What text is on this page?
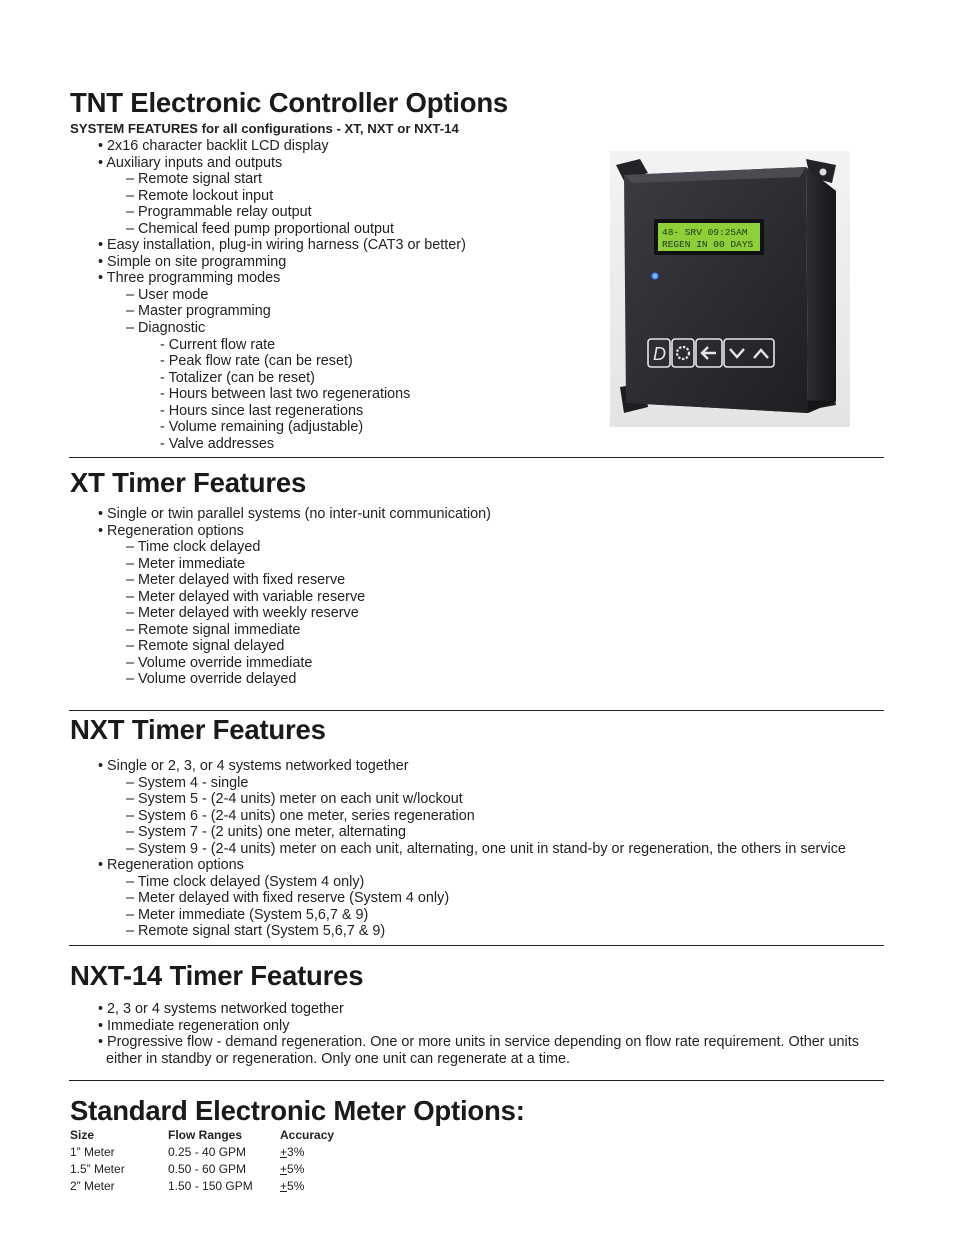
TNT Electronic Controller Options

SYSTEM FEATURES for all configurations - XT, NXT or NXT-14

• 2x16 character backlit LCD display
• Auxiliary inputs and outputs
– Remote signal start
– Remote lockout input
– Programmable relay output
– Chemical feed pump proportional output
• Easy installation, plug-in wiring harness (CAT3 or better)
• Simple on site programming
• Three programming modes
– User mode
– Master programming
– Diagnostic
- Current flow rate
- Peak flow rate (can be reset)
- Totalizer (can be reset)
- Hours between last two regenerations
- Hours since last regenerations
- Volume remaining (adjustable)
- Valve addresses
48- SRV 09:25AM
REGEN IN 00 DAYS
D
XT Timer Features
• Single or twin parallel systems (no inter-unit communication)
• Regeneration options
– Time clock delayed
– Meter immediate
– Meter delayed with fixed reserve
– Meter delayed with variable reserve
– Meter delayed with weekly reserve
– Remote signal immediate
– Remote signal delayed
– Volume override immediate
– Volume override delayed
NXT Timer Features
• Single or 2, 3, or 4 systems networked together
– System 4 - single
– System 5 - (2-4 units) meter on each unit w/lockout
– System 6 - (2-4 units) one meter, series regeneration
– System 7 - (2 units) one meter, alternating
– System 9 - (2-4 units) meter on each unit, alternating, one unit in stand-by or regeneration, the others in service
• Regeneration options
– Time clock delayed (System 4 only)
– Meter delayed with fixed reserve (System 4 only)
– Meter immediate (System 5,6,7 & 9)
– Remote signal start (System 5,6,7 & 9)
NXT-14 Timer Features
• 2, 3 or 4 systems networked together
• Immediate regeneration only
• Progressive flow - demand regeneration. One or more units in service depending on flow rate requirement. Other units either in standby or regeneration. Only one unit can regenerate at a time.
Standard Electronic Meter Options:
Size	Flow Ranges	Accuracy
1” Meter	0.25 - 40 GPM	+3%
1.5” Meter	0.50 - 60 GPM	+5%
2” Meter	1.50 - 150 GPM	+5%
